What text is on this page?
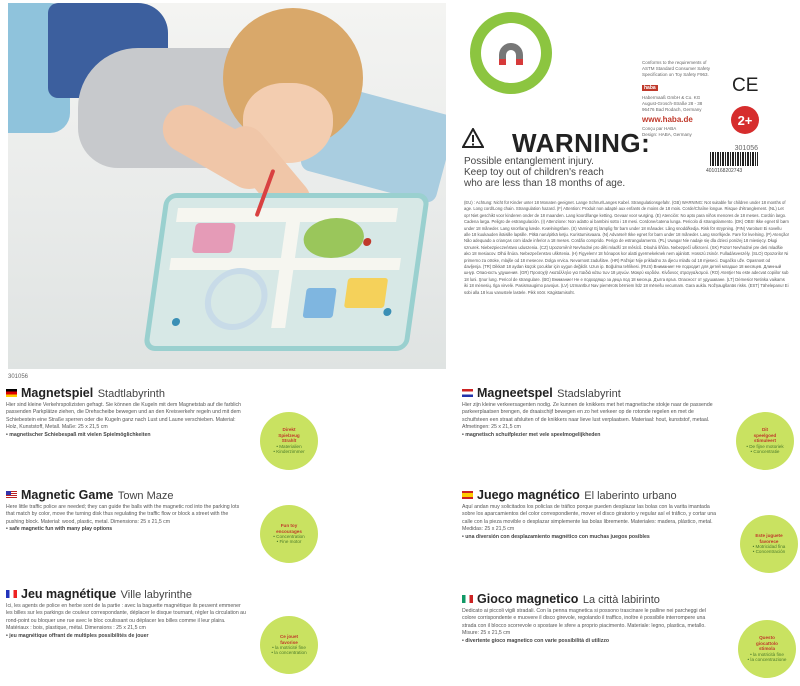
301056
Conforms to the requirements of
ASTM Standard Consumer Safety
Specification on Toy Safety F963.
haba
Habermaaß GmbH & Co. KG
August-Grosch-Straße 28 - 38
96476 Bad Rodach, Germany
www.haba.de
Conçu par HABA
Design: HABA, Germany
CE
2+
WARNING:
Possible entanglement injury.
Keep toy out of children's reach
who are less than 18 months of age.
301056
4010168202743
(EU) : Achtung: Nicht für Kinder unter 18 Monaten geeignet. Lange Schnur/Langes Kabel. Strangulationsgefahr. (GB) WARNING: Not suitable for children under 18 months of age. Long cord/Long chain. Strangulation hazard. (F) Attention: Produit non adapté aux enfants de moins de 18 mois. Corde/Chaîne longue. Risque d'étranglement. (NL) Let op! Niet geschikt voor kinderen onder de 18 maanden. Lang koord/lange ketting. Gevaar voor wurging. (E) Atención: No apto para niños menores de 18 meses. Cordón largo. Cadena larga. Peligro de estrangulación. (I) Attenzione: Non adatto ai bambini sotto i 18 mesi. Cordone/catena lunga. Pericolo di strangolamento. (DK) OBS! Ikke egnet til børn under 18 måneder. Lang snor/lang kæde. Kvælningsfare. (S) Varning! Ej lämplig för barn under 18 månader. Lång snodd/kedja. Risk för strypning. (FIN) Varoitus! Ei sovellu alle 18 kuukauden ikäisille lapsille. Pitkä naru/pitkä ketju. Kuristumisvaara. (N) Advarsel! Ikke egnet for barn under 18 måneder. Lang snor/kjede. Fare for kvelning. (P) Atenção! Não adequado a crianças com idade inferior a 18 meses. Cordão comprido. Perigo de estrangulamento. (PL) Uwaga! Nie nadaje się dla dzieci poniżej 18 miesięcy. Długi sznurek. Niebezpieczeństwo uduszenia. (CZ) Upozornění! Nevhodné pro děti mladší 18 měsíců. Dlouhá šňůra. Nebezpečí uškrcení. (SK) Pozor! Nevhodné pre deti mladšie ako 18 mesiacov. Dlhá šnúra. Nebezpečenstvo uškrtenia. (H) Figyelem! 18 hónapos kor alatti gyermekeknek nem ajánlott. Hosszú zsinór. Fulladásveszély. (SLO) Opozorilo! Ni primerno za otroke, mlajše od 18 mesecev. Dolga vrvica. Nevarnost zadušitve. (HR) Pažnja! Nije prikladno za djecu mlađu od 18 mjeseci. Dugačko uže. Opasnost od davljenja. (TR) Dikkat! 18 aydan küçük çocuklar için uygun değildir. Uzun ip. Boğulma tehlikesi. (RUS) Внимание! Не подходит для детей младше 18 месяцев. Длинный шнур. Опасность удушения. (GR) Προσοχή! Ακατάλληλο για παιδιά κάτω των 18 μηνών. Μακρύ κορδόνι. Κίνδυνος στραγγαλισμού. (RO) Atenţie! Nu este adecvat copiilor sub 18 luni. Şnur lung. Pericol de strangulare. (BG) Внимание! Не е подходящо за деца под 18 месеца. Дълга връв. Опасност от удушаване. (LT) Dėmesio! Netinka vaikams iki 18 mėnesių. Ilga virvelė. Pasismaugimo pavojus. (LV) Uzmanību! Nav piemērots bērniem līdz 18 mēnešu vecumam. Gara aukla. Nožņaugšanās risks. (EST) Tähelepanu! Ei sobi alla 18 kuu vanustele lastele. Pikk nöör. Kägistamisoht.
Magnetspiel Stadtlabyrinth
Hier sind kleine Verkehrspolizisten gefragt. Sie können die Kugeln mit dem Magnetstab auf die farblich passenden Parkplätze ziehen, die Drehscheibe bewegen und an den Kreisverkehr regeln und mit dem Schiebestein eine Straße sperren oder die Kugeln ganz nach Lust und Laune verschieben. Material: Holz, Kunststoff, Metall. Maße: 25 x 21,5 cm
• magnetischer Schiebespaß mit vielen Spielmöglichkeiten
Direkt
Spielzeug
Strahlt
• Materialien
• Kinderzimmer
Magnetic Game Town Maze
Here little traffic police are needed; they can guide the balls with the magnetic rod into the parking lots that match by color, move the turning disk thus regulating the traffic flow or block a street with the pushing block. Material: wood, plastic, metal. Dimensions: 25 x 21,5 cm
• safe magnetic fun with many play options
Fun toy
encourages
• Concentration
• Fine motor
Jeu magnétique Ville labyrinthe
Ici, les agents de police en herbe sont de la partie : avec la baguette magnétique ils peuvent emmener les billes sur les parkings de couleur correspondante, déplacer le disque tournant, régler la circulation au rond-point ou bloquer une rue avec le bloc coulissant ou déplacer les billes comme il leur plaira. Matériaux : bois, plastique, métal. Dimensions : 25 x 21,5 cm
• jeu magnétique offrant de multiples possibilités de jouer	Ce jouet
favorise
• la motricité fine
• la concentration
Magneetspel Stadslabyrint
Hier zijn kleine verkeersagenten nodig. Ze kunnen de knikkers met het magnetische stokje naar de passende parkeerplaatsen brengen, de draaischijf bewegen en zo het verkeer op de rotonde regelen en met de schuifsteen een straat afsluiten of de knikkers naar lieve lust verplaatsen. Materiaal: hout, kunststof, metaal. Afmetingen: 25 x 21,5 cm
• magnetisch schuifplezier met vele speelmogelijkheden
Dit
speelgoed
stimuleert
• De fijne motoriek
• Concentratie
Juego magnético El laberinto urbano
Aquí andan muy solicitados los policías de tráfico porque pueden desplazar las bolas con la varita imantada sobre los aparcamientos del color correspondiente, mover el disco giratorio y regular así el tráfico, y cortar una calle con la pieza movible o desplazar simplemente las bolas libremente. Materiales: madera, plástico, metal. Medidas: 25 x 21,5 cm
• una diversión con desplazamiento magnético con muchas juegos posibles	Este juguete
favorece
• Motricidad fina
• Concentración
Gioco magnetico La città labirinto
Dedicato ai piccoli vigili stradali. Con la penna magnetica si possono trascinare le palline nei parcheggi del colore corrispondente e muovere il disco girevole, regolando il traffico, inoltre è possibile interrompere una strada con il blocco scorrevole o spostare le sfere a proprio piacimento. Materiale: legno, plastica, metallo. Misure: 25 x 21,5 cm
• divertente gioco magnetico con varie possibilità di utilizzo	Questo
giocattolo
stimola
• la motricità fine
• la concentrazione
